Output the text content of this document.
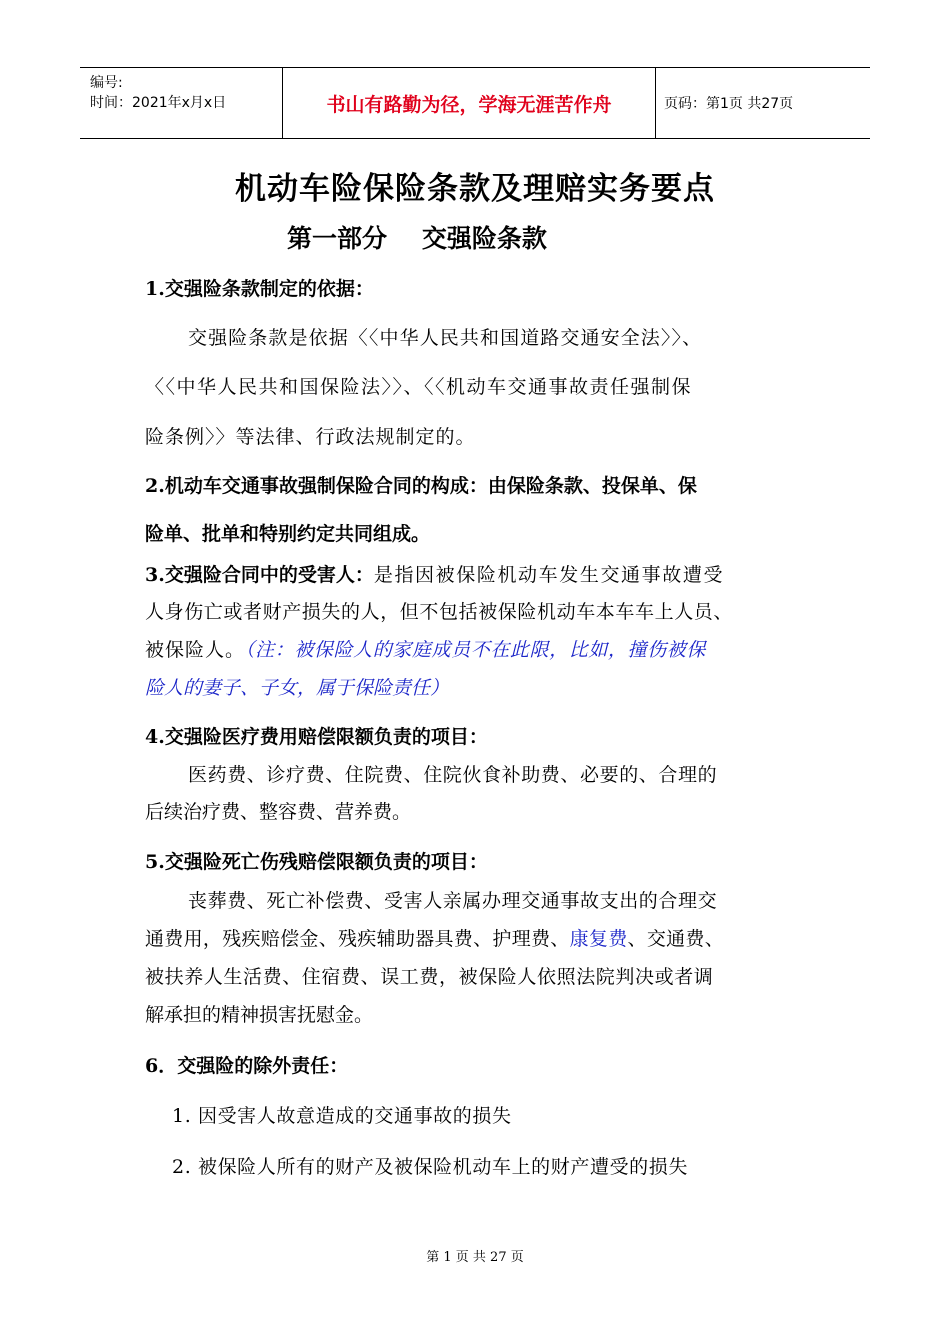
编号:
时间：2021年x月x日	书山有路勤为径，学海无涯苦作舟	页码：第1页 共27页
机动车险保险条款及理赔实务要点
第一部分    交强险条款
1.交强险条款制定的依据：
交强险条款是依据〈〈中华人民共和国道路交通安全法〉〉、
〈〈中华人民共和国保险法〉〉、〈〈机动车交通事故责任强制保
险条例〉〉等法律、行政法规制定的。
2.机动车交通事故强制保险合同的构成：由保险条款、投保单、保
险单、批单和特别约定共同组成。
3.交强险合同中的受害人：是指因被保险机动车发生交通事故遭受
人身伤亡或者财产损失的人，但不包括被保险机动车本车车上人员、
被保险人。（注：被保险人的家庭成员不在此限，比如，撞伤被保
险人的妻子、子女，属于保险责任）
4.交强险医疗费用赔偿限额负责的项目：
医药费、诊疗费、住院费、住院伙食补助费、必要的、合理的
后续治疗费、整容费、营养费。
5.交强险死亡伤残赔偿限额负责的项目：
丧葬费、死亡补偿费、受害人亲属办理交通事故支出的合理交
通费用，残疾赔偿金、残疾辅助器具费、护理费、康复费、交通费、
被扶养人生活费、住宿费、误工费，被保险人依照法院判决或者调
解承担的精神损害抚慰金。
6．交强险的除外责任：
1. 因受害人故意造成的交通事故的损失
2. 被保险人所有的财产及被保险机动车上的财产遭受的损失
第 1 页 共 27 页
